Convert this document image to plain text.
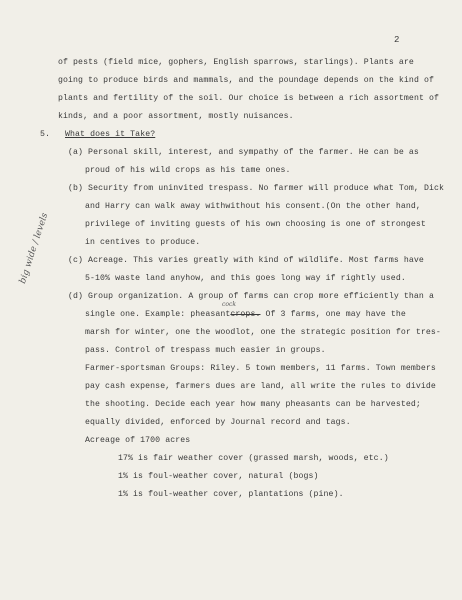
2
of pests (field mice, gophers, English sparrows, starlings). Plants are
going to produce birds and mammals, and the poundage depends on the kind of
plants and fertility of the soil. Our choice is between a rich assortment of
kinds, and a poor assortment, mostly nuisances.
5. What does it Take?
(a) Personal skill, interest, and sympathy of the farmer. He can be as
proud of his wild crops as his tame ones.
(b) Security from uninvited trespass. No farmer will produce what Tom, Dick
and Harry can walk away withwithout his consent.(On the other hand,
privilege of inviting guests of his own choosing is one of strongest
in centives to produce.
(c) Acreage. This varies greatly with kind of wildlife. Most farms have
5-10% waste land anyhow, and this goes long way if rightly used.
big wide / levels
(d) Group organization. A group of farms can crop more efficiently than a
single one. Example: pheasantcrops. Of 3 farms, one may have the
cock
marsh for winter, one the woodlot, one the strategic position for tres-
pass. Control of trespass much easier in groups.
Farmer-sportsman Groups: Riley. 5 town members, 11 farms. Town members
pay cash expense, farmers dues are land, all write the rules to divide
the shooting. Decide each year how many pheasants can be harvested;
equally divided, enforced by Journal record and tags.
Acreage of 1700 acres
17% is fair weather cover (grassed marsh, woods, etc.)
1% is foul-weather cover, natural (bogs)
1% is foul-weather cover, plantations (pine).
